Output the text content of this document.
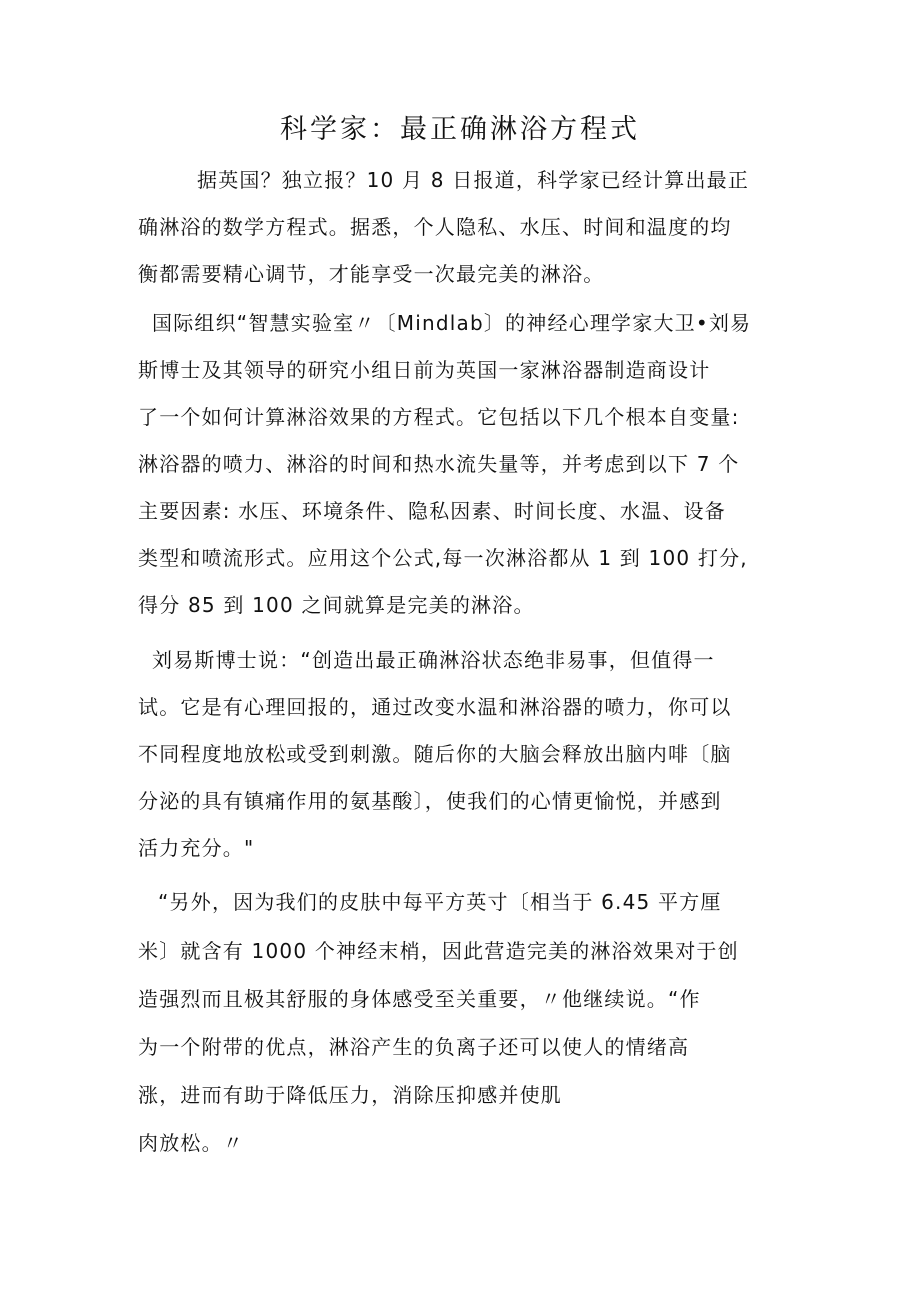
科学家：最正确淋浴方程式
据英国？独立报？10 月 8 日报道，科学家已经计算出最正
确淋浴的数学方程式。据悉，个人隐私、水压、时间和温度的均
衡都需要精心调节，才能享受一次最完美的淋浴。
国际组织“智慧实验室〃〔Mindlab〕的神经心理学家大卫•刘易
斯博士及其领导的研究小组日前为英国一家淋浴器制造商设计
了一个如何计算淋浴效果的方程式。它包括以下几个根本自变量:
淋浴器的喷力、淋浴的时间和热水流失量等，并考虑到以下 7 个
主要因素: 水压、环境条件、隐私因素、时间长度、水温、设备
类型和喷流形式。应用这个公式,每一次淋浴都从 1 到 100 打分,
得分 85 到 100 之间就算是完美的淋浴。
刘易斯博士说：“创造出最正确淋浴状态绝非易事，但值得一
试。它是有心理回报的，通过改变水温和淋浴器的喷力，你可以
不同程度地放松或受到刺激。随后你的大脑会释放出脑内啡〔脑
分泌的具有镇痛作用的氨基酸〕，使我们的心情更愉悦，并感到
活力充分。"
“另外，因为我们的皮肤中每平方英寸〔相当于 6.45 平方厘
米〕就含有 1000 个神经末梢，因此营造完美的淋浴效果对于创
造强烈而且极其舒服的身体感受至关重要，〃他继续说。“作
为一个附带的优点，淋浴产生的负离子还可以使人的情绪高
涨，进而有助于降低压力，消除压抑感并使肌
肉放松。〃
